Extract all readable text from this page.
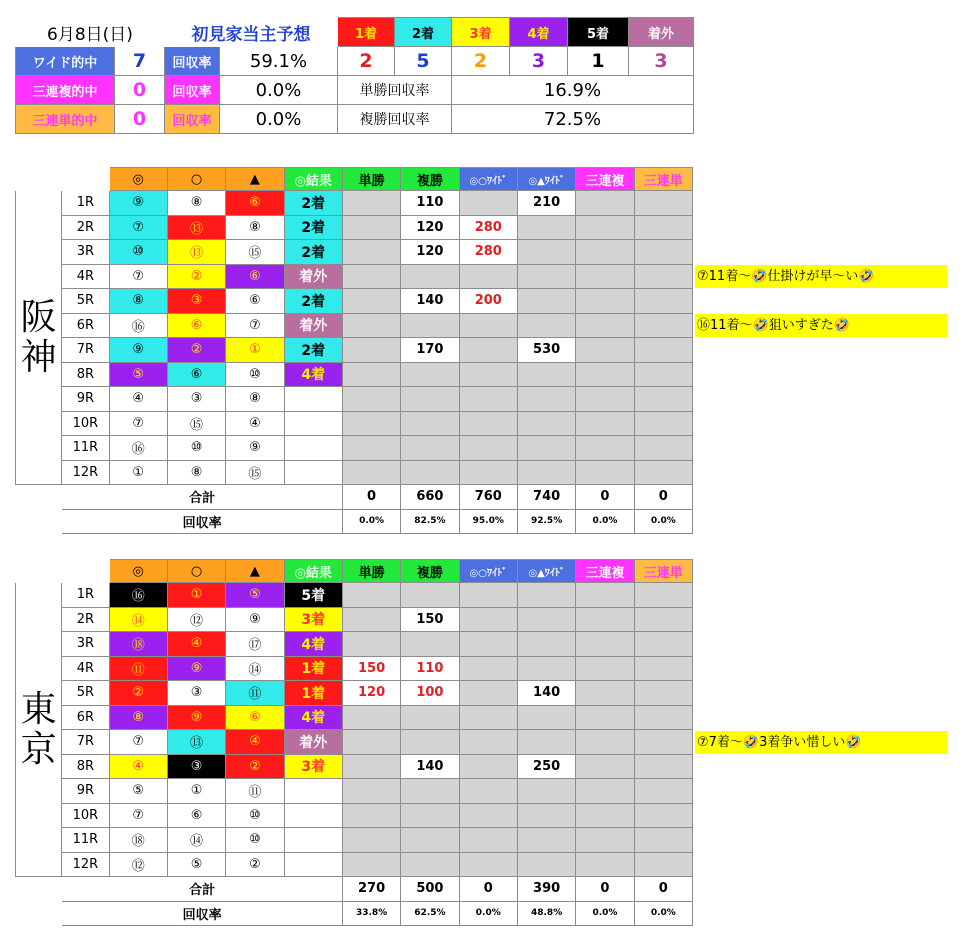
6月8日(日)		初見家当主予想		1着	2着	3着	4着	5着	着外
ワイド的中	7	回収率	59.1%	2	5	2	3	1	3
三連複的中	0	回収率	0.0%	単勝回収率		16.9%			
三連単的中	0	回収率	0.0%	複勝回収率		72.5%			
		◎	○	▲	◎結果	単勝	複勝	◎○ﾜｲﾄﾞ	◎▲ﾜｲﾄﾞ	三連複	三連単
阪神	1R	⑨	⑧	⑥	2着		110		210		
	2R	⑦	⑬	⑧	2着		120	280			
	3R	⑩	⑬	⑮	2着		120	280			
	4R	⑦	②	⑥	着外						
	5R	⑧	③	⑥	2着		140	200			
	6R	⑯	⑥	⑦	着外						
	7R	⑨	②	①	2着		170		530		
	8R	⑤	⑥	⑩	4着						
	9R	④	③	⑧							
	10R	⑦	⑮	④							
	11R	⑯	⑩	⑨							
	12R	①	⑧	⑮							
	合計					0	660	760	740	0	0
	回収率					0.0%	82.5%	95.0%	92.5%	0.0%	0.0%
		◎	○	▲	◎結果	単勝	複勝	◎○ﾜｲﾄﾞ	◎▲ﾜｲﾄﾞ	三連複	三連単
東京	1R	⑯	①	⑤	5着						
	2R	⑭	⑫	⑨	3着		150				
	3R	⑱	④	⑰	4着						
	4R	⑪	⑨	⑭	1着	150	110				
	5R	②	③	⑪	1着	120	100		140		
	6R	⑧	⑨	⑥	4着						
	7R	⑦	⑬	④	着外						
	8R	④	③	②	3着		140		250		
	9R	⑤	①	⑪							
	10R	⑦	⑥	⑩							
	11R	⑱	⑭	⑩							
	12R	⑫	⑤	②							
	合計					270	500	0	390	0	0
	回収率					33.8%	62.5%	0.0%	48.8%	0.0%	0.0%
⑦11着〜🤣仕掛けが早〜い🤣
⑯11着〜🤣狙いすぎた🤣
⑦7着〜🤣3着争い惜しい🤣
